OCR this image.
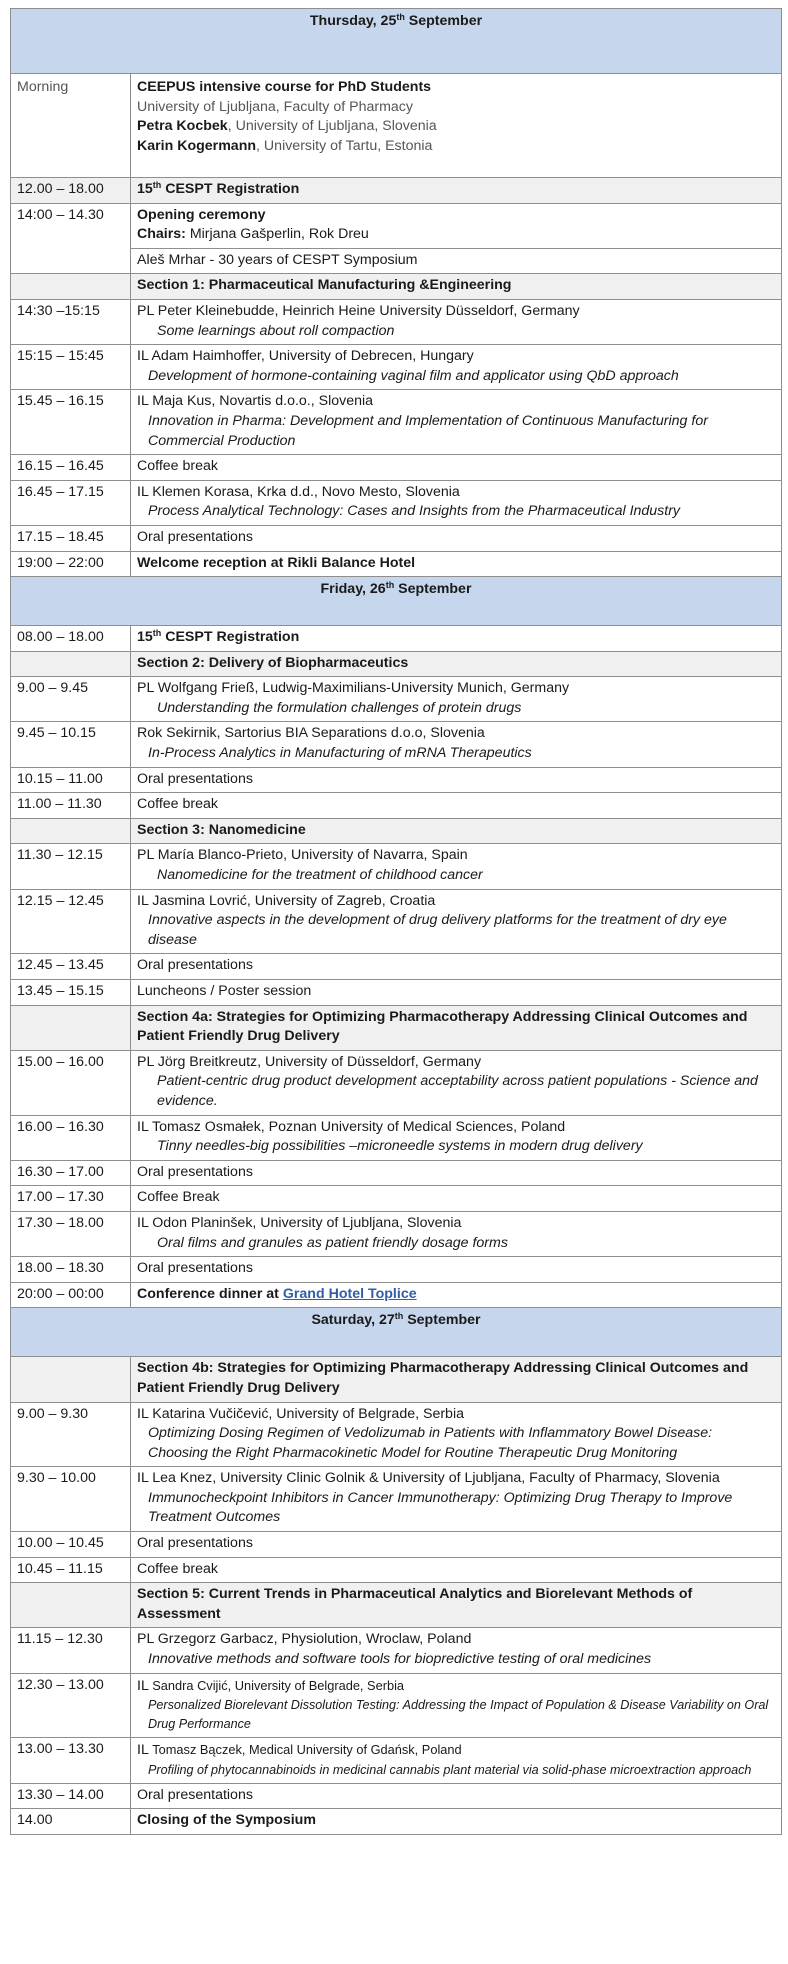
Thursday, 25th September	
Morning	CEEPUS intensive course for PhD Students
University of Ljubljana, Faculty of Pharmacy
Petra Kocbek, University of Ljubljana, Slovenia
Karin Kogermann, University of Tartu, Estonia

12.00 – 18.00	15th CESPT Registration
14:00 – 14.30	Opening ceremony
Chairs: Mirjana Gašperlin, Rok Dreu

	Aleš Mrhar - 30 years of CESPT Symposium
	Section 1: Pharmaceutical Manufacturing &Engineering
14:30 –15:15	PL Peter Kleinebudde, Heinrich Heine University Düsseldorf, Germany
Some learnings about roll compaction

15:15 – 15:45	IL Adam Haimhoffer, University of Debrecen, Hungary
Development of hormone-containing vaginal film and applicator using QbD approach

15.45 – 16.15	IL Maja Kus, Novartis d.o.o., Slovenia
Innovation in Pharma: Development and Implementation of Continuous Manufacturing for Commercial Production

16.15 – 16.45	Coffee break
16.45 – 17.15	IL Klemen Korasa, Krka d.d., Novo Mesto, Slovenia
Process Analytical Technology: Cases and Insights from the Pharmaceutical Industry

17.15 – 18.45	Oral presentations
19:00 – 22:00	Welcome reception at Rikli Balance Hotel
Friday, 26th September	
08.00 – 18.00	15th CESPT Registration
	Section 2: Delivery of Biopharmaceutics
9.00 – 9.45	PL Wolfgang Frieß, Ludwig-Maximilians-University Munich, Germany
Understanding the formulation challenges of protein drugs

9.45 – 10.15	Rok Sekirnik, Sartorius BIA Separations d.o.o, Slovenia
In-Process Analytics in Manufacturing of mRNA Therapeutics

10.15 – 11.00	Oral presentations
11.00 – 11.30	Coffee break
	Section 3: Nanomedicine
11.30 – 12.15	PL María Blanco-Prieto, University of Navarra, Spain
Nanomedicine for the treatment of childhood cancer

12.15 – 12.45	IL Jasmina Lovrić, University of Zagreb, Croatia
Innovative aspects in the development of drug delivery platforms for the treatment of dry eye disease

12.45 – 13.45	Oral presentations
13.45 – 15.15	Luncheons / Poster session
	Section 4a: Strategies for Optimizing Pharmacotherapy Addressing Clinical Outcomes and Patient Friendly Drug Delivery
15.00 – 16.00	PL Jörg Breitkreutz, University of Düsseldorf, Germany
Patient-centric drug product development acceptability across patient populations - Science and evidence.

16.00 – 16.30	IL Tomasz Osmałek, Poznan University of Medical Sciences, Poland
Tinny needles-big possibilities –microneedle systems in modern drug delivery

16.30 – 17.00	Oral presentations
17.00 – 17.30	Coffee Break
17.30 – 18.00	IL Odon Planinšek, University of Ljubljana, Slovenia
Oral films and granules as patient friendly dosage forms

18.00 – 18.30	Oral presentations
20:00 – 00:00	Conference dinner at Grand Hotel Toplice
Saturday, 27th September	
	Section 4b: Strategies for Optimizing Pharmacotherapy Addressing Clinical Outcomes and Patient Friendly Drug Delivery
9.00 – 9.30	IL Katarina Vučičević, University of Belgrade, Serbia
Optimizing Dosing Regimen of Vedolizumab in Patients with Inflammatory Bowel Disease: Choosing the Right Pharmacokinetic Model for Routine Therapeutic Drug Monitoring

9.30 – 10.00	IL Lea Knez, University Clinic Golnik & University of Ljubljana, Faculty of Pharmacy, Slovenia
Immunocheckpoint Inhibitors in Cancer Immunotherapy: Optimizing Drug Therapy to Improve Treatment Outcomes

10.00 – 10.45	Oral presentations
10.45 – 11.15	Coffee break
	Section 5: Current Trends in Pharmaceutical Analytics and Biorelevant Methods of Assessment
11.15 – 12.30	PL Grzegorz Garbacz, Physiolution, Wroclaw, Poland
Innovative methods and software tools for biopredictive testing of oral medicines

12.30 – 13.00	IL Sandra Cvijić, University of Belgrade, Serbia
Personalized Biorelevant Dissolution Testing: Addressing the Impact of Population & Disease Variability on Oral Drug Performance

13.00 – 13.30	IL Tomasz Bączek, Medical University of Gdańsk, Poland
Profiling of phytocannabinoids in medicinal cannabis plant material via solid-phase microextraction approach

13.30 – 14.00	Oral presentations
14.00	Closing of the Symposium
